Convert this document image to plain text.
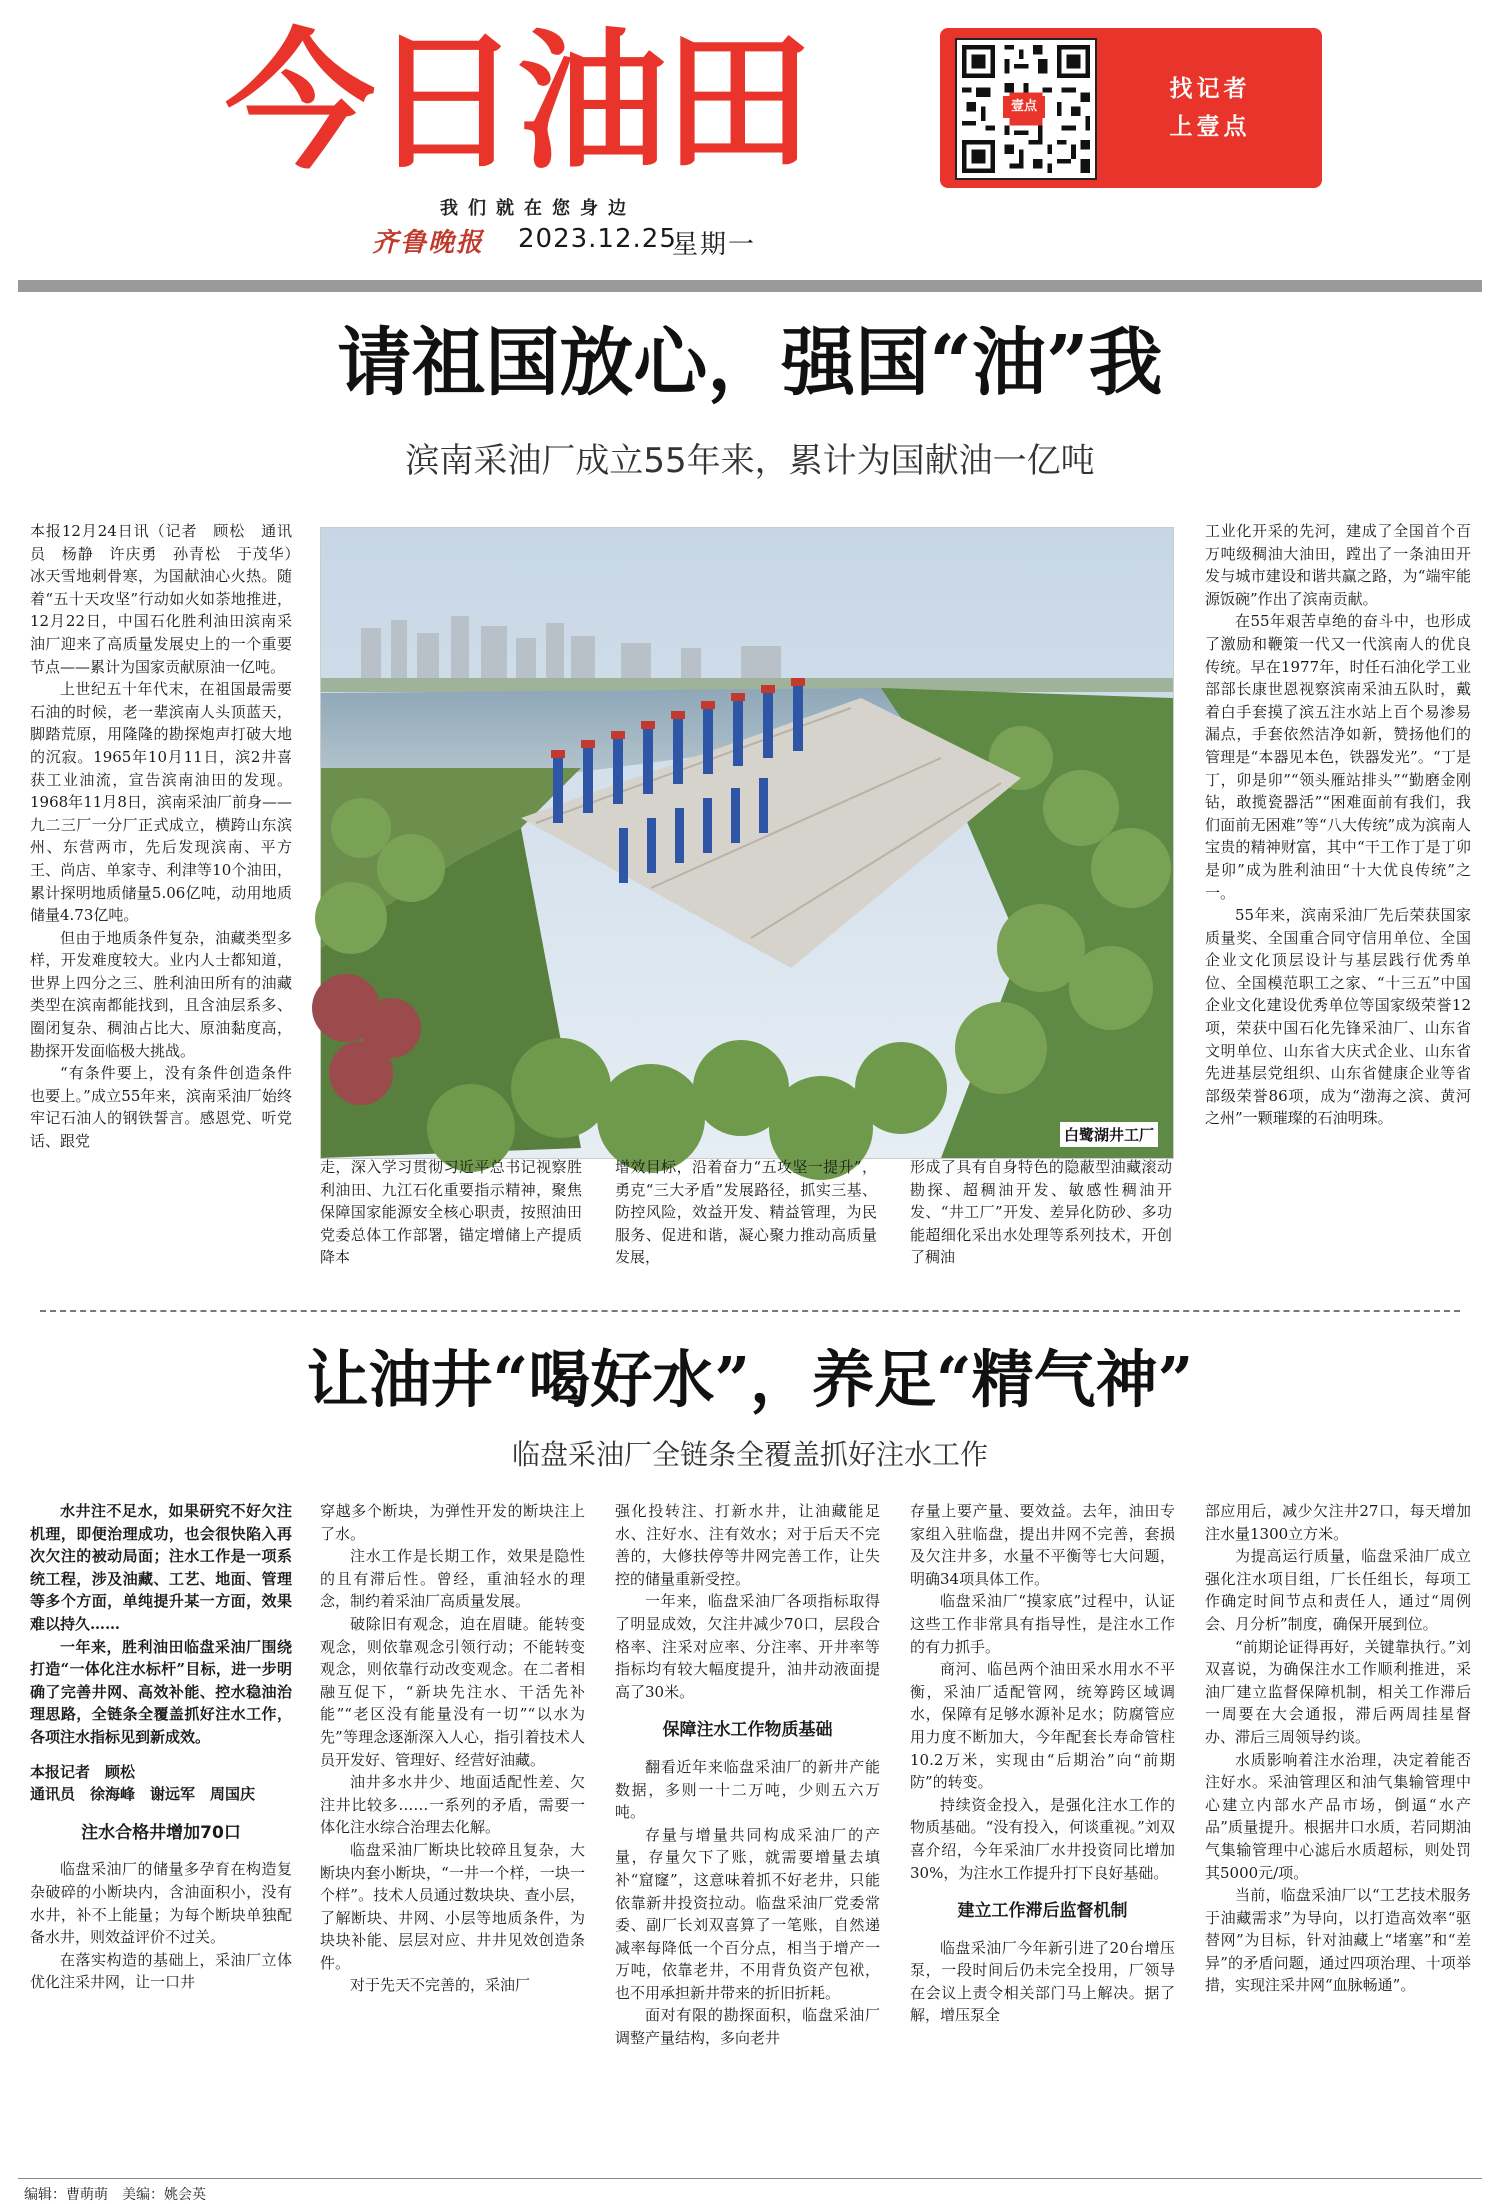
今日油田	壹点
找记者
上壹点
我们就在您身边
齐鲁晚报 2023.12.25
星期一
请祖国放心，强国“油”我
滨南采油厂成立55年来，累计为国献油一亿吨

本报12月24日讯（记者　顾松　通讯员　杨静　许庆勇　孙青松　于茂华）　冰天雪地刺骨寒，为国献油心火热。随着“五十天攻坚”行动如火如荼地推进，12月22日，中国石化胜利油田滨南采油厂迎来了高质量发展史上的一个重要节点——累计为国家贡献原油一亿吨。

上世纪五十年代末，在祖国最需要石油的时候，老一辈滨南人头顶蓝天，脚踏荒原，用隆隆的勘探炮声打破大地的沉寂。1965年10月11日，滨2井喜获工业油流，宣告滨南油田的发现。1968年11月8日，滨南采油厂前身——九二三厂一分厂正式成立，横跨山东滨州、东营两市，先后发现滨南、平方王、尚店、单家寺、利津等10个油田，累计探明地质储量5.06亿吨，动用地质储量4.73亿吨。

但由于地质条件复杂，油藏类型多样，开发难度较大。业内人士都知道，世界上四分之三、胜利油田所有的油藏类型在滨南都能找到，且含油层系多、圈闭复杂、稠油占比大、原油黏度高，勘探开发面临极大挑战。

“有条件要上，没有条件创造条件也要上。”成立55年来，滨南采油厂始终牢记石油人的钢铁誓言。感恩党、听党话、跟党	白鹭湖井工厂

走，深入学习贯彻习近平总书记视察胜利油田、九江石化重要指示精神，聚焦保障国家能源安全核心职责，按照油田党委总体工作部署，锚定增储上产提质降本

增效目标，沿着奋力“五攻坚一提升”，勇克“三大矛盾”发展路径，抓实三基、防控风险，效益开发、精益管理，为民服务、促进和谐，凝心聚力推动高质量发展，

形成了具有自身特色的隐蔽型油藏滚动勘探、超稠油开发、敏感性稠油开发、“井工厂”开发、差异化防砂、多功能超细化采出水处理等系列技术，开创了稠油

工业化开采的先河，建成了全国首个百万吨级稠油大油田，蹚出了一条油田开发与城市建设和谐共赢之路，为“端牢能源饭碗”作出了滨南贡献。

在55年艰苦卓绝的奋斗中，也形成了激励和鞭策一代又一代滨南人的优良传统。早在1977年，时任石油化学工业部部长康世恩视察滨南采油五队时，戴着白手套摸了滨五注水站上百个易渗易漏点，手套依然洁净如新，赞扬他们的管理是“本器见本色，铁器发光”。“丁是丁，卯是卯”“领头雁站排头”“勤磨金刚钻，敢揽瓷器活”“困难面前有我们，我们面前无困难”等“八大传统”成为滨南人宝贵的精神财富，其中“干工作丁是丁卯是卯”成为胜利油田“十大优良传统”之一。

55年来，滨南采油厂先后荣获国家质量奖、全国重合同守信用单位、全国企业文化顶层设计与基层践行优秀单位、全国模范职工之家、“十三五”中国企业文化建设优秀单位等国家级荣誉12项，荣获中国石化先锋采油厂、山东省文明单位、山东省大庆式企业、山东省先进基层党组织、山东省健康企业等省部级荣誉86项，成为“渤海之滨、黄河之州”一颗璀璨的石油明珠。

让油井“喝好水”，养足“精气神”
临盘采油厂全链条全覆盖抓好注水工作

水井注不足水，如果研究不好欠注机理，即便治理成功，也会很快陷入再次欠注的被动局面；注水工作是一项系统工程，涉及油藏、工艺、地面、管理等多个方面，单纯提升某一方面，效果难以持久……

一年来，胜利油田临盘采油厂围绕打造“一体化注水标杆”目标，进一步明确了完善井网、高效补能、控水稳油治理思路，全链条全覆盖抓好注水工作，各项注水指标见到新成效。

本报记者　顾松

通讯员　徐海峰　谢远军　周国庆

注水合格井增加70口

临盘采油厂的储量多孕育在构造复杂破碎的小断块内，含油面积小，没有水井，补不上能量；为每个断块单独配备水井，则效益评价不过关。

在落实构造的基础上，采油厂立体优化注采井网，让一口井

穿越多个断块，为弹性开发的断块注上了水。

注水工作是长期工作，效果是隐性的且有滞后性。曾经，重油轻水的理念，制约着采油厂高质量发展。

破除旧有观念，迫在眉睫。能转变观念，则依靠观念引领行动；不能转变观念，则依靠行动改变观念。在二者相融互促下，“新块先注水、干活先补能”“老区没有能量没有一切”“以水为先”等理念逐渐深入人心，指引着技术人员开发好、管理好、经营好油藏。

油井多水井少、地面适配性差、欠注井比较多……一系列的矛盾，需要一体化注水综合治理去化解。

临盘采油厂断块比较碎且复杂，大断块内套小断块，“一井一个样，一块一个样”。技术人员通过数块块、查小层，了解断块、井网、小层等地质条件，为块块补能、层层对应、井井见效创造条件。

对于先天不完善的，采油厂

强化投转注、打新水井，让油藏能足水、注好水、注有效水；对于后天不完善的，大修扶停等井网完善工作，让失控的储量重新受控。

一年来，临盘采油厂各项指标取得了明显成效，欠注井减少70口，层段合格率、注采对应率、分注率、开井率等指标均有较大幅度提升，油井动液面提高了30米。

保障注水工作物质基础

翻看近年来临盘采油厂的新井产能数据，多则一十二万吨，少则五六万吨。

存量与增量共同构成采油厂的产量，存量欠下了账，就需要增量去填补“窟窿”，这意味着抓不好老井，只能依靠新井投资拉动。临盘采油厂党委常委、副厂长刘双喜算了一笔账，自然递减率每降低一个百分点，相当于增产一万吨，依靠老井，不用背负资产包袱，也不用承担新井带来的折旧折耗。

面对有限的勘探面积，临盘采油厂调整产量结构，多向老井

存量上要产量、要效益。去年，油田专家组入驻临盘，提出井网不完善，套损及欠注井多，水量不平衡等七大问题，明确34项具体工作。

临盘采油厂“摸家底”过程中，认证这些工作非常具有指导性，是注水工作的有力抓手。

商河、临邑两个油田采水用水不平衡，采油厂适配管网，统筹跨区域调水，保障有足够水源补足水；防腐管应用力度不断加大，今年配套长寿命管柱10.2万米，实现由“后期治”向“前期防”的转变。

持续资金投入，是强化注水工作的物质基础。“没有投入，何谈重视。”刘双喜介绍，今年采油厂水井投资同比增加30%，为注水工作提升打下良好基础。

建立工作滞后监督机制

临盘采油厂今年新引进了20台增压泵，一段时间后仍未完全投用，厂领导在会议上责令相关部门马上解决。据了解，增压泵全

部应用后，减少欠注井27口，每天增加注水量1300立方米。

为提高运行质量，临盘采油厂成立强化注水项目组，厂长任组长，每项工作确定时间节点和责任人，通过“周例会、月分析”制度，确保开展到位。

“前期论证得再好，关键靠执行。”刘双喜说，为确保注水工作顺利推进，采油厂建立监督保障机制，相关工作滞后一周要在大会通报，滞后两周挂星督办、滞后三周领导约谈。

水质影响着注水治理，决定着能否注好水。采油管理区和油气集输管理中心建立内部水产品市场，倒逼“水产品”质量提升。根据井口水质，若同期油气集输管理中心滤后水质超标，则处罚其5000元/项。

当前，临盘采油厂以“工艺技术服务于油藏需求”为导向，以打造高效率“驱替网”为目标，针对油藏上“堵塞”和“差异”的矛盾问题，通过四项治理、十项举措，实现注采井网“血脉畅通”。

编辑：曹萌萌　美编：姚会英
